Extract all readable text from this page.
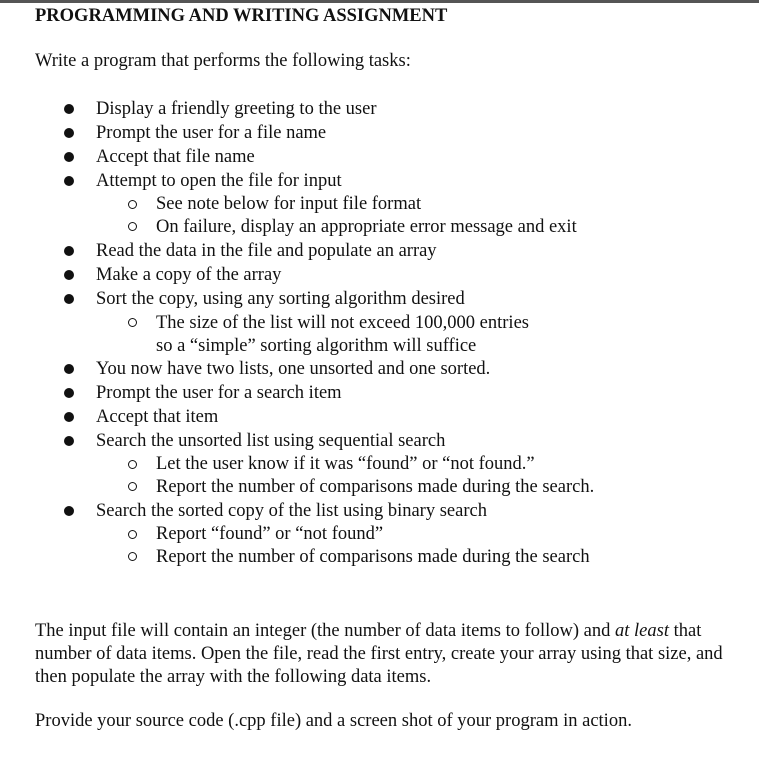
PROGRAMMING AND WRITING ASSIGNMENT
Write a program that performs the following tasks:
Display a friendly greeting to the user
Prompt the user for a file name
Accept that file name
Attempt to open the file for input
See note below for input file format
On failure, display an appropriate error message and exit
Read the data in the file and populate an array
Make a copy of the array
Sort the copy, using any sorting algorithm desired
The size of the list will not exceed 100,000 entries
so a “simple” sorting algorithm will suffice
You now have two lists, one unsorted and one sorted.
Prompt the user for a search item
Accept that item
Search the unsorted list using sequential search
Let the user know if it was “found” or “not found.”
Report the number of comparisons made during the search.
Search the sorted copy of the list using binary search
Report “found” or “not found”
Report the number of comparisons made during the search
The input file will contain an integer (the number of data items to follow) and at least that number of data items. Open the file, read the first entry, create your array using that size, and then populate the array with the following data items.
Provide your source code (.cpp file) and a screen shot of your program in action.
